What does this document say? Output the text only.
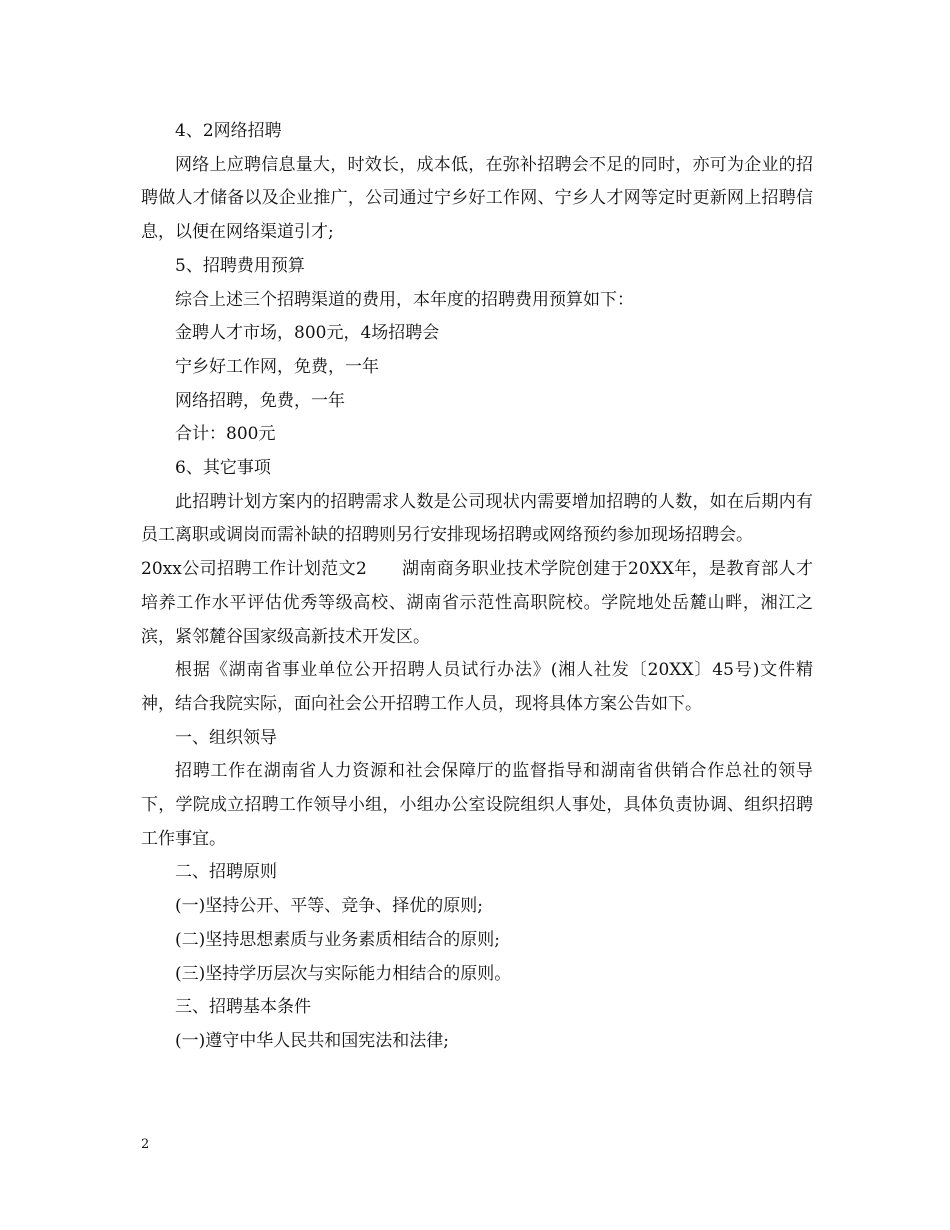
4、2网络招聘

网络上应聘信息量大，时效长，成本低，在弥补招聘会不足的同时，亦可为企业的招聘做人才储备以及企业推广，公司通过宁乡好工作网、宁乡人才网等定时更新网上招聘信息，以便在网络渠道引才;

5、招聘费用预算

综合上述三个招聘渠道的费用，本年度的招聘费用预算如下：

金聘人才市场，800元，4场招聘会

宁乡好工作网，免费，一年

网络招聘，免费，一年

合计：800元

6、其它事项

此招聘计划方案内的招聘需求人数是公司现状内需要增加招聘的人数，如在后期内有员工离职或调岗而需补缺的招聘则另行安排现场招聘或网络预约参加现场招聘会。

20xx公司招聘工作计划范文2　　湖南商务职业技术学院创建于20XX年，是教育部人才培养工作水平评估优秀等级高校、湖南省示范性高职院校。学院地处岳麓山畔，湘江之滨，紧邻麓谷国家级高新技术开发区。

根据《湖南省事业单位公开招聘人员试行办法》(湘人社发〔20XX〕45号)文件精神，结合我院实际，面向社会公开招聘工作人员，现将具体方案公告如下。

一、组织领导

招聘工作在湖南省人力资源和社会保障厅的监督指导和湖南省供销合作总社的领导下，学院成立招聘工作领导小组，小组办公室设院组织人事处，具体负责协调、组织招聘工作事宜。

二、招聘原则

(一)坚持公开、平等、竞争、择优的原则;

(二)坚持思想素质与业务素质相结合的原则;

(三)坚持学历层次与实际能力相结合的原则。

三、招聘基本条件

(一)遵守中华人民共和国宪法和法律;

2
